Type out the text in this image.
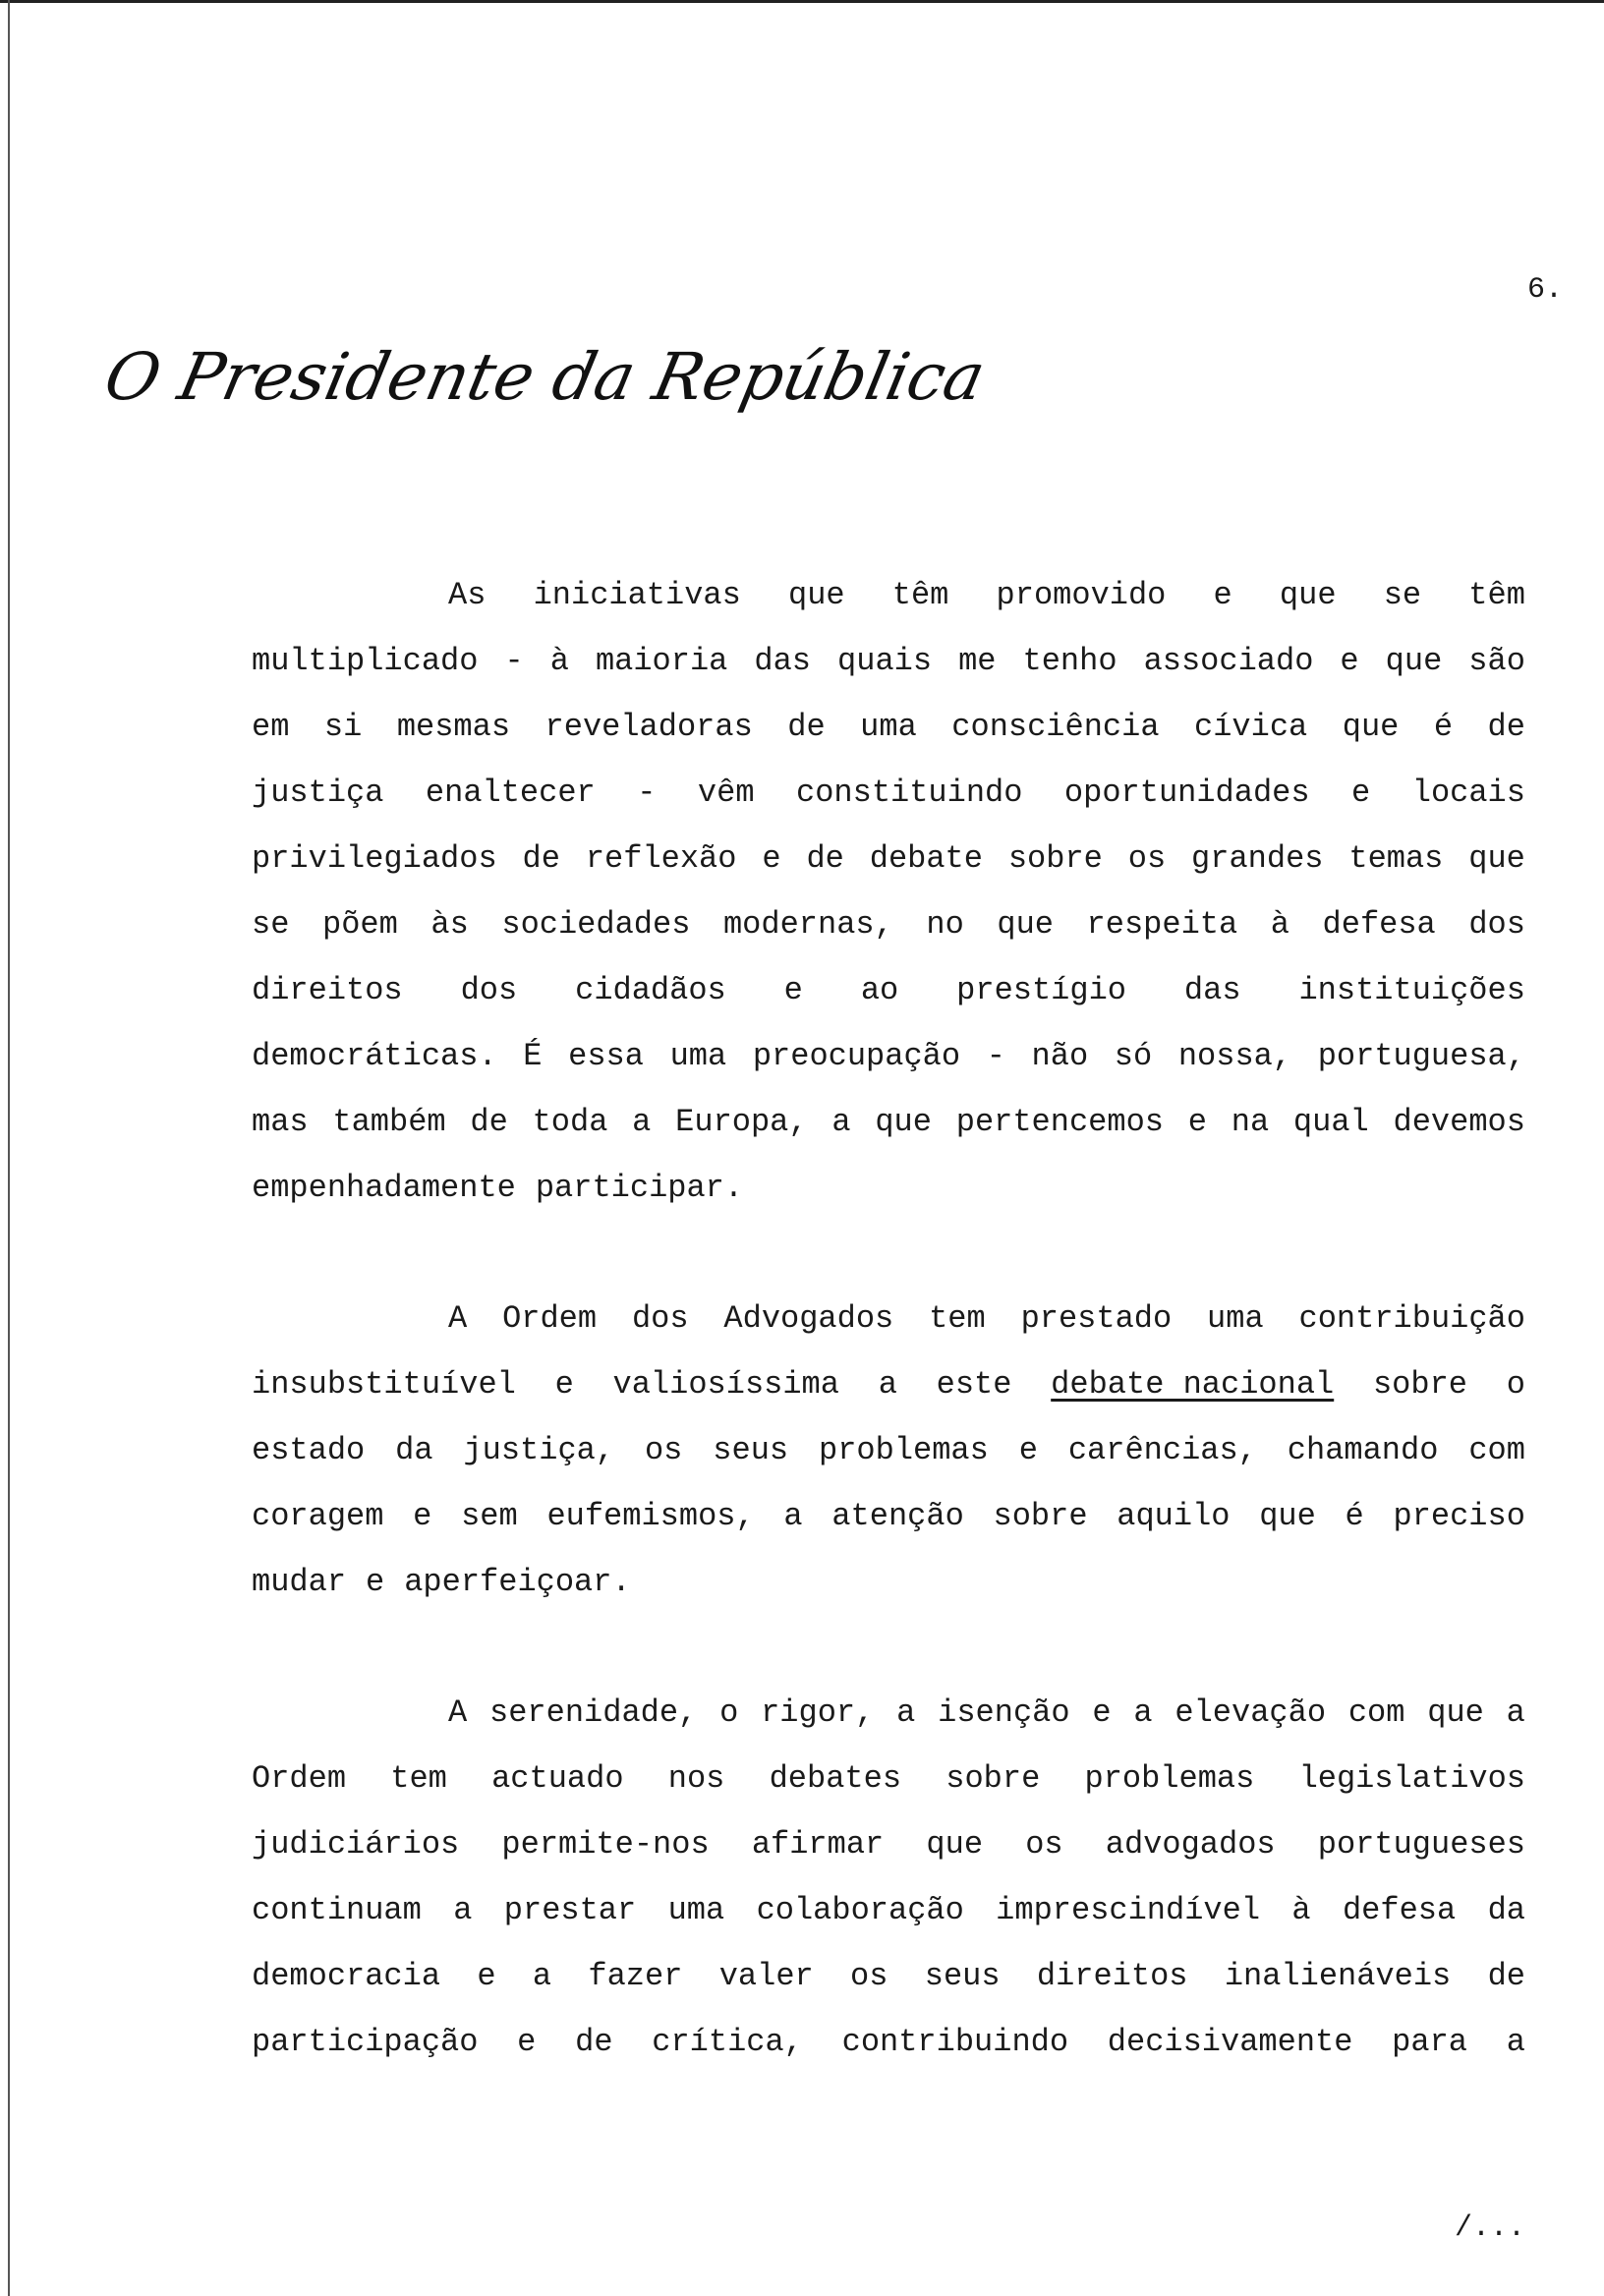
6.
O Presidente da República
As iniciativas que têm promovido e que se têm
multiplicado - à maioria das quais me tenho associado e que são
em si mesmas reveladoras de uma consciência cívica que é de
justiça enaltecer - vêm constituindo oportunidades e locais
privilegiados de reflexão e de debate sobre os grandes temas que
se põem às sociedades modernas, no que respeita à defesa dos
direitos dos cidadãos e ao prestígio das instituições
democráticas. É essa uma preocupação - não só nossa, portuguesa,
mas também de toda a Europa, a que pertencemos e na qual devemos
empenhadamente participar.
A Ordem dos Advogados tem prestado uma contribuição
insubstituível e valiosíssima a este debate nacional sobre o
estado da justiça, os seus problemas e carências, chamando com
coragem e sem eufemismos, a atenção sobre aquilo que é preciso
mudar e aperfeiçoar.
A serenidade, o rigor, a isenção e a elevação com que a
Ordem tem actuado nos debates sobre problemas legislativos
judiciários permite-nos afirmar que os advogados portugueses
continuam a prestar uma colaboração imprescindível à defesa da
democracia e a fazer valer os seus direitos inalienáveis de
participação e de crítica, contribuindo decisivamente para a
/...
